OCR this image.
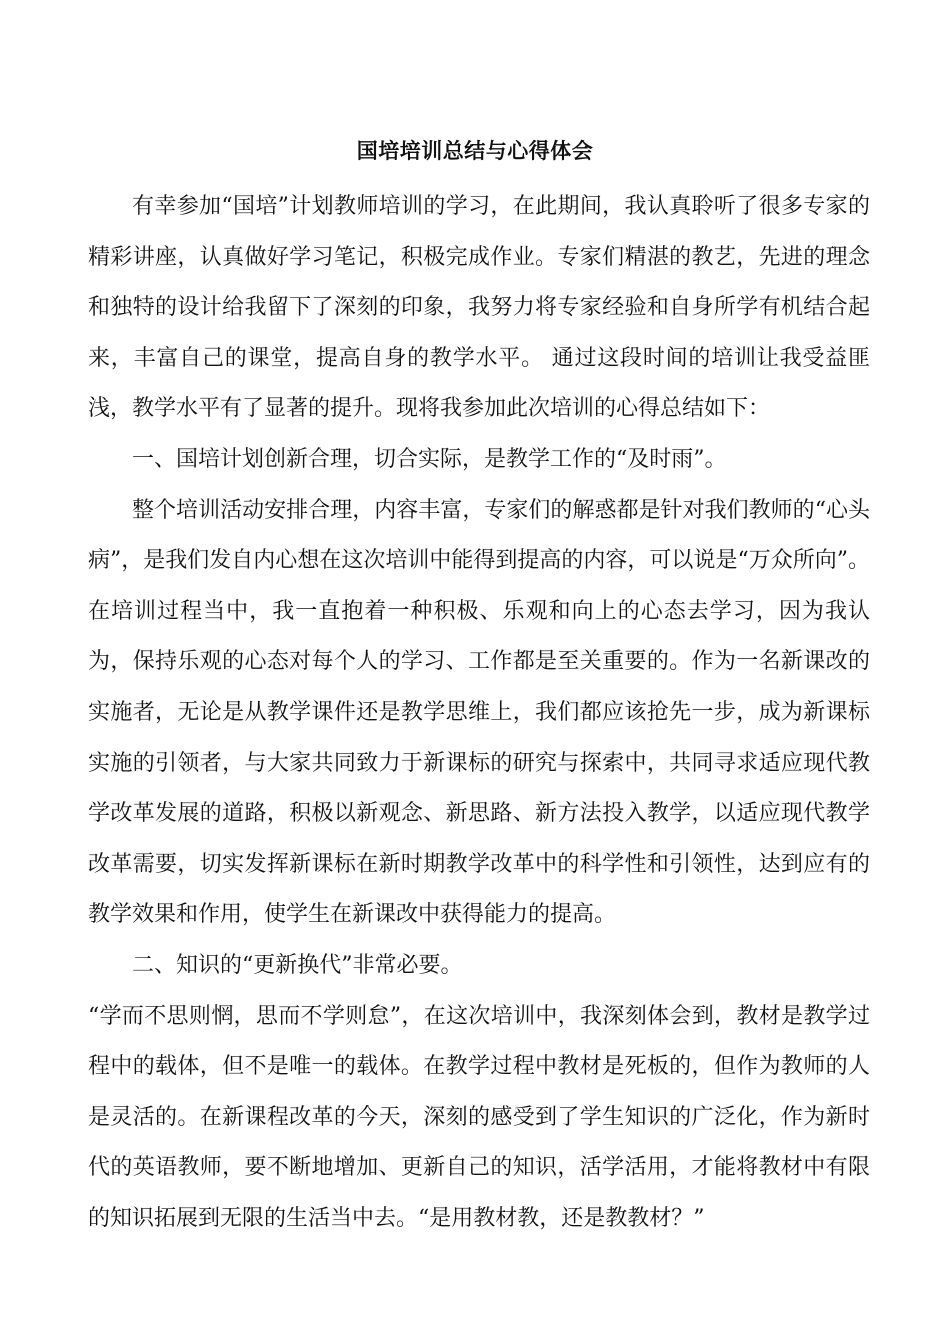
国培培训总结与心得体会

有幸参加“国培”计划教师培训的学习，在此期间，我认真聆听了很多专家的精彩讲座，认真做好学习笔记，积极完成作业。专家们精湛的教艺，先进的理念和独特的设计给我留下了深刻的印象，我努力将专家经验和自身所学有机结合起来，丰富自己的课堂，提高自身的教学水平。 通过这段时间的培训让我受益匪浅，教学水平有了显著的提升。现将我参加此次培训的心得总结如下：

一、国培计划创新合理，切合实际，是教学工作的“及时雨”。

整个培训活动安排合理，内容丰富，专家们的解惑都是针对我们教师的“心头病”，是我们发自内心想在这次培训中能得到提高的内容，可以说是“万众所向”。在培训过程当中，我一直抱着一种积极、乐观和向上的心态去学习，因为我认为，保持乐观的心态对每个人的学习、工作都是至关重要的。作为一名新课改的实施者，无论是从教学课件还是教学思维上，我们都应该抢先一步，成为新课标实施的引领者，与大家共同致力于新课标的研究与探索中，共同寻求适应现代教学改革发展的道路，积极以新观念、新思路、新方法投入教学，以适应现代教学改革需要，切实发挥新课标在新时期教学改革中的科学性和引领性，达到应有的教学效果和作用，使学生在新课改中获得能力的提高。

二、知识的“更新换代”非常必要。

“学而不思则惘，思而不学则怠”，在这次培训中，我深刻体会到，教材是教学过程中的载体，但不是唯一的载体。在教学过程中教材是死板的，但作为教师的人是灵活的。在新课程改革的今天，深刻的感受到了学生知识的广泛化，作为新时代的英语教师，要不断地增加、更新自己的知识，活学活用，才能将教材中有限的知识拓展到无限的生活当中去。“是用教材教，还是教教材？”
